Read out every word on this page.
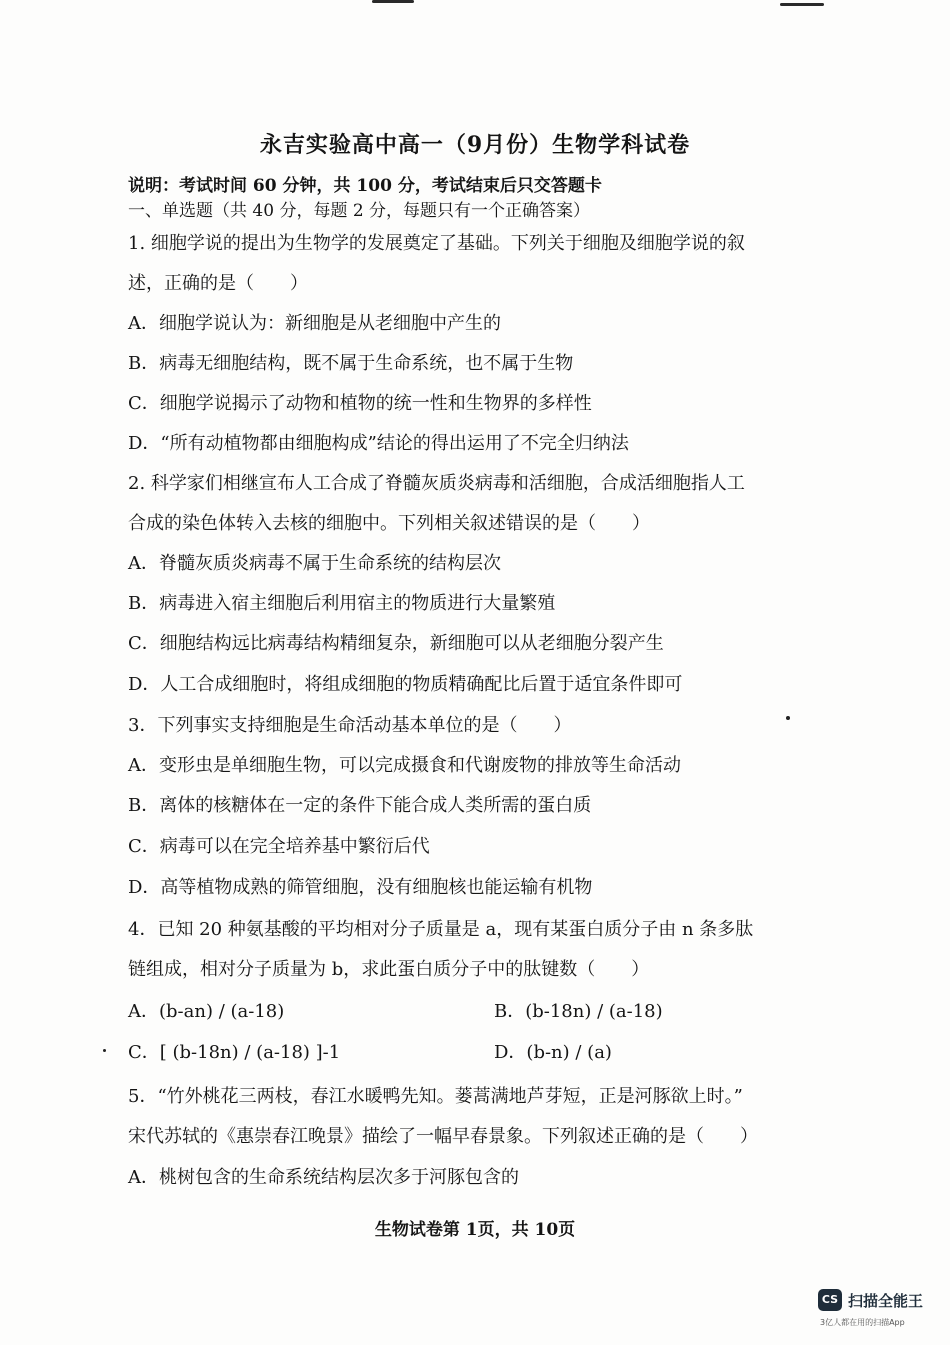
永吉实验高中高一（9月份）生物学科试卷
说明：考试时间 60 分钟，共 100 分，考试结束后只交答题卡
一、单选题（共 40 分，每题 2 分，每题只有一个正确答案）
1. 细胞学说的提出为生物学的发展奠定了基础。下列关于细胞及细胞学说的叙
述，正确的是（　　）
A．细胞学说认为：新细胞是从老细胞中产生的
B．病毒无细胞结构，既不属于生命系统，也不属于生物
C．细胞学说揭示了动物和植物的统一性和生物界的多样性
D．“所有动植物都由细胞构成”结论的得出运用了不完全归纳法
2. 科学家们相继宣布人工合成了脊髓灰质炎病毒和活细胞，合成活细胞指人工
合成的染色体转入去核的细胞中。下列相关叙述错误的是（　　）
A．脊髓灰质炎病毒不属于生命系统的结构层次
B．病毒进入宿主细胞后利用宿主的物质进行大量繁殖
C．细胞结构远比病毒结构精细复杂，新细胞可以从老细胞分裂产生
D．人工合成细胞时，将组成细胞的物质精确配比后置于适宜条件即可
3．下列事实支持细胞是生命活动基本单位的是（　　）
A．变形虫是单细胞生物，可以完成摄食和代谢废物的排放等生命活动
B．离体的核糖体在一定的条件下能合成人类所需的蛋白质
C．病毒可以在完全培养基中繁衍后代
D．高等植物成熟的筛管细胞，没有细胞核也能运输有机物
4．已知 20 种氨基酸的平均相对分子质量是 a，现有某蛋白质分子由 n 条多肽
链组成，相对分子质量为 b，求此蛋白质分子中的肽键数（　　）
A．(b-an) / (a-18)	B．(b-18n) / (a-18)
C．[ (b-18n) / (a-18) ]-1	D．(b-n) / (a)
5．“竹外桃花三两枝，春江水暖鸭先知。蒌蒿满地芦芽短，正是河豚欲上时。”
宋代苏轼的《惠崇春江晚景》描绘了一幅早春景象。下列叙述正确的是（　　）
A．桃树包含的生命系统结构层次多于河豚包含的
生物试卷第 1页，共 10页
CS 扫描全能王
3亿人都在用的扫描App
